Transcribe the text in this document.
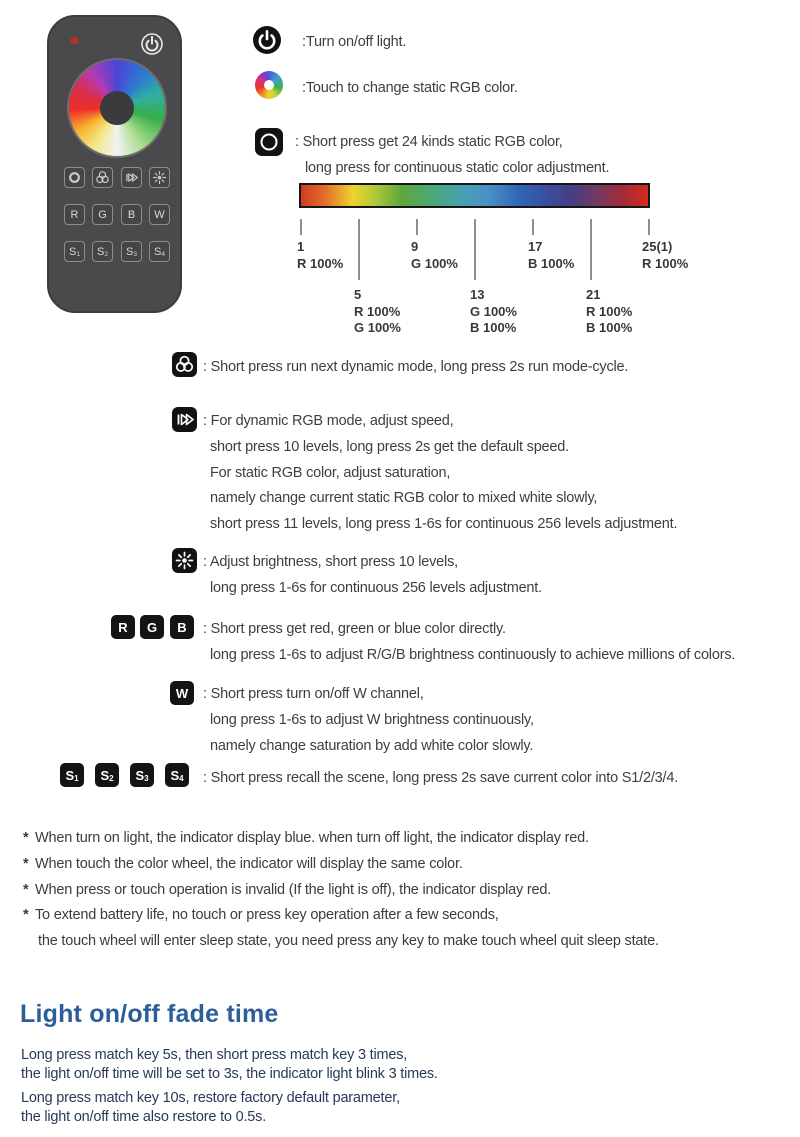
R G B W
S 1 S 2 S 3 S 4
:Turn on/off light.
:Touch to change static RGB color.
: Short press get 24 kinds static RGB color,
long press for continuous static color adjustment.
1
R 100%
9
G 100%
17
B 100%
25(1)
R 100%
5
R 100%
G 100%
13
G 100%
B 100%
21
R 100%
B 100%
: Short press run next dynamic mode, long press 2s run mode-cycle.
: For dynamic RGB mode, adjust speed,
short press 10 levels, long press 2s get the default speed.
For static RGB color, adjust saturation,
namely change current static RGB color to mixed white slowly,
short press 11 levels, long press 1-6s for continuous 256 levels adjustment.
: Adjust brightness, short press 10 levels,
long press 1-6s for continuous 256 levels adjustment.
R G B : Short press get red, green or blue color directly.
long press 1-6s to adjust R/G/B brightness continuously to achieve millions of colors.
W : Short press turn on/off W channel,
long press 1-6s to adjust W brightness continuously,
namely change saturation by add white color slowly.
S 1 S 2 S 3 S 4 : Short press recall the scene, long press 2s save current color into S1/2/3/4.
* When turn on light, the indicator display blue. when turn off light, the indicator display red.
* When touch the color wheel, the indicator will display the same color.
* When press or touch operation is invalid (If the light is off), the indicator display red.
* To extend battery life, no touch or press key operation after a few seconds,
the touch wheel will enter sleep state, you need press any key to make touch wheel quit sleep state.
Light on/off fade time
Long press match key 5s, then short press match key 3 times,
the light on/off time will be set to 3s, the indicator light blink 3 times.
Long press match key 10s, restore factory default parameter,
the light on/off time also restore to 0.5s.
